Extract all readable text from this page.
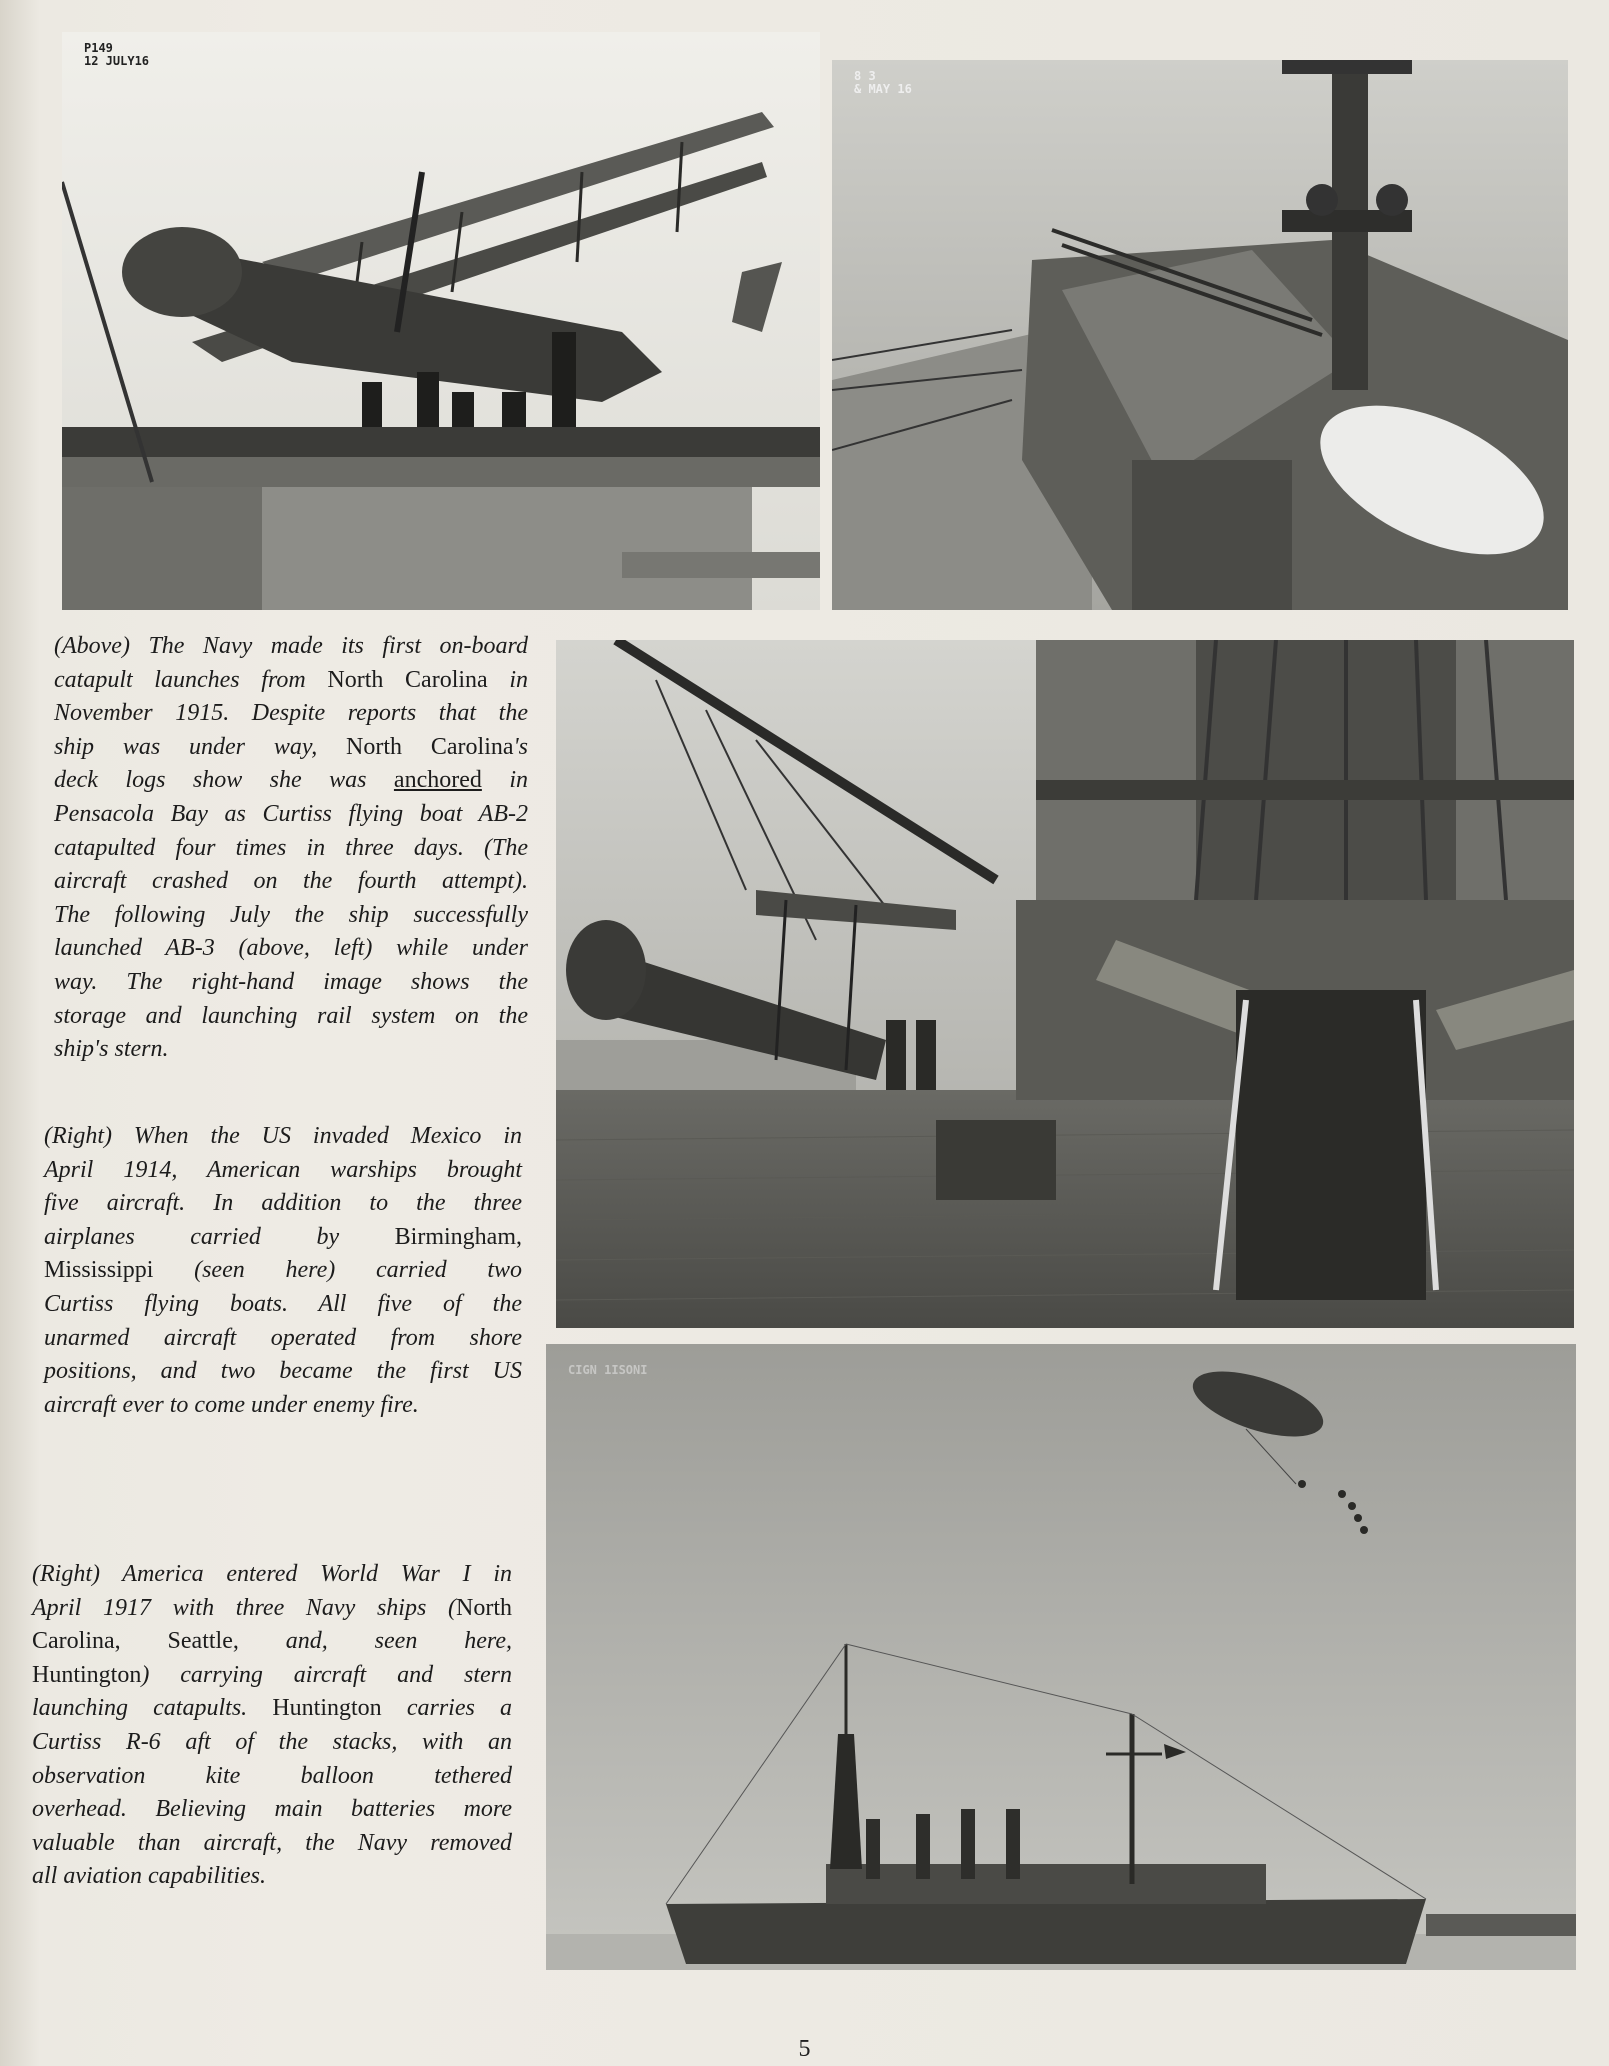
P149
12 JULY16
8 3
& MAY 16
CIGN 1ISONI
(Above) The Navy made its first on-board
catapult launches from North Carolina in
November 1915. Despite reports that the
ship was under way, North Carolina's
deck logs show she was anchored in
Pensacola Bay as Curtiss flying boat AB-2
catapulted four times in three days. (The
aircraft crashed on the fourth attempt).
The following July the ship successfully
launched AB-3 (above, left) while under
way. The right-hand image shows the
storage and launching rail system on the
ship's stern.
(Right) When the US invaded Mexico in
April 1914, American warships brought
five aircraft. In addition to the three
airplanes carried by Birmingham,
Mississippi (seen here) carried two
Curtiss flying boats. All five of the
unarmed aircraft operated from shore
positions, and two became the first US
aircraft ever to come under enemy fire.
(Right) America entered World War I in
April 1917 with three Navy ships (North
Carolina, Seattle, and, seen here,
Huntington) carrying aircraft and stern
launching catapults. Huntington carries a
Curtiss R-6 aft of the stacks, with an
observation kite balloon tethered
overhead. Believing main batteries more
valuable than aircraft, the Navy removed
all aviation capabilities.
5
